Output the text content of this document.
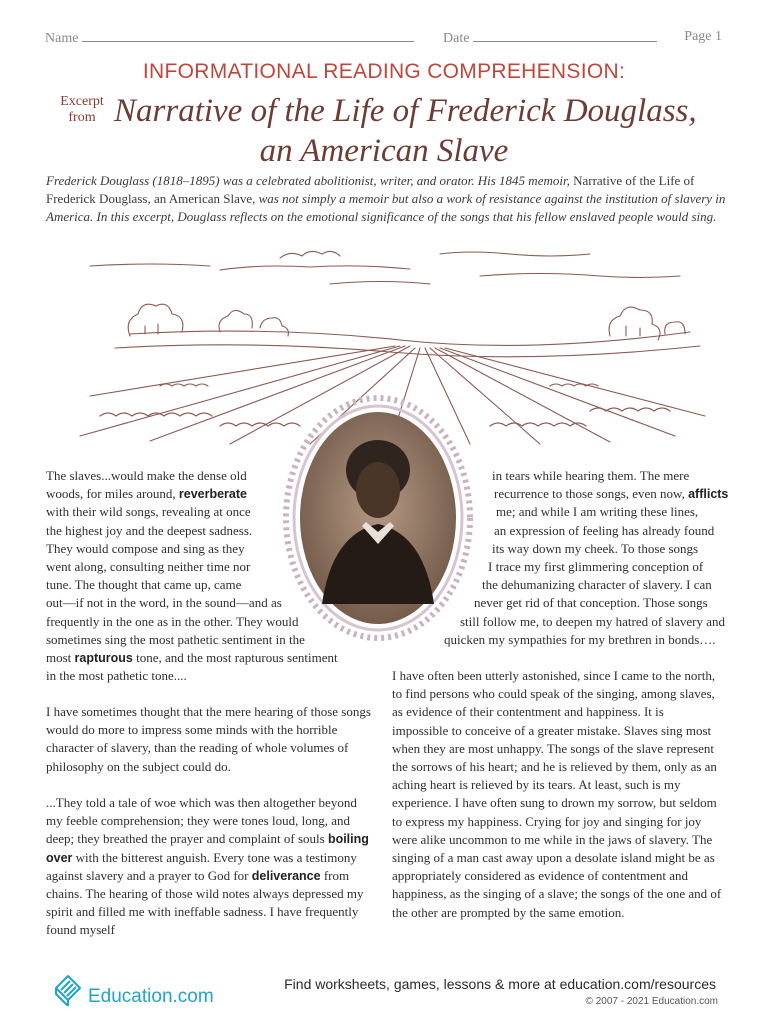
Name	Date	Page 1
INFORMATIONAL READING COMPREHENSION:
Excerpt
from Narrative of the Life of Frederick Douglass,
an American Slave
Frederick Douglass (1818–1895) was a celebrated abolitionist, writer, and orator. His 1845 memoir, Narrative of the Life of Frederick Douglass, an American Slave, was not simply a memoir but also a work of resistance against the institution of slavery in America. In this excerpt, Douglass reflects on the emotional significance of the songs that his fellow enslaved people would sing.
The slaves...would make the dense old
woods, for miles around, reverberate
with their wild songs, revealing at once
the highest joy and the deepest sadness.
They would compose and sing as they
went along, consulting neither time nor
tune. The thought that came up, came
out—if not in the word, in the sound—and as
frequently in the one as in the other. They would
sometimes sing the most pathetic sentiment in the
most rapturous tone, and the most rapturous sentiment
in the most pathetic tone....
I have sometimes thought that the mere hearing of those songs would do more to impress some minds with the horrible character of slavery, than the reading of whole volumes of philosophy on the subject could do.
...They told a tale of woe which was then altogether beyond my feeble comprehension; they were tones loud, long, and deep; they breathed the prayer and complaint of souls boiling over with the bitterest anguish. Every tone was a testimony against slavery and a prayer to God for deliverance from chains. The hearing of those wild notes always depressed my spirit and filled me with ineffable sadness. I have frequently found myself
in tears while hearing them. The mere
recurrence to those songs, even now, afflicts
me; and while I am writing these lines,
an expression of feeling has already found
its way down my cheek. To those songs
I trace my first glimmering conception of
the dehumanizing character of slavery. I can
never get rid of that conception. Those songs
still follow me, to deepen my hatred of slavery and
quicken my sympathies for my brethren in bonds….
I have often been utterly astonished, since I came to the north, to find persons who could speak of the singing, among slaves, as evidence of their contentment and happiness. It is impossible to conceive of a greater mistake. Slaves sing most when they are most unhappy. The songs of the slave represent the sorrows of his heart; and he is relieved by them, only as an aching heart is relieved by its tears. At least, such is my experience. I have often sung to drown my sorrow, but seldom to express my happiness. Crying for joy and singing for joy were alike uncommon to me while in the jaws of slavery. The singing of a man cast away upon a desolate island might be as appropriately considered as evidence of contentment and happiness, as the singing of a slave; the songs of the one and of the other are prompted by the same emotion.
Education.com
Find worksheets, games, lessons & more at education.com/resources
© 2007 - 2021 Education.com
